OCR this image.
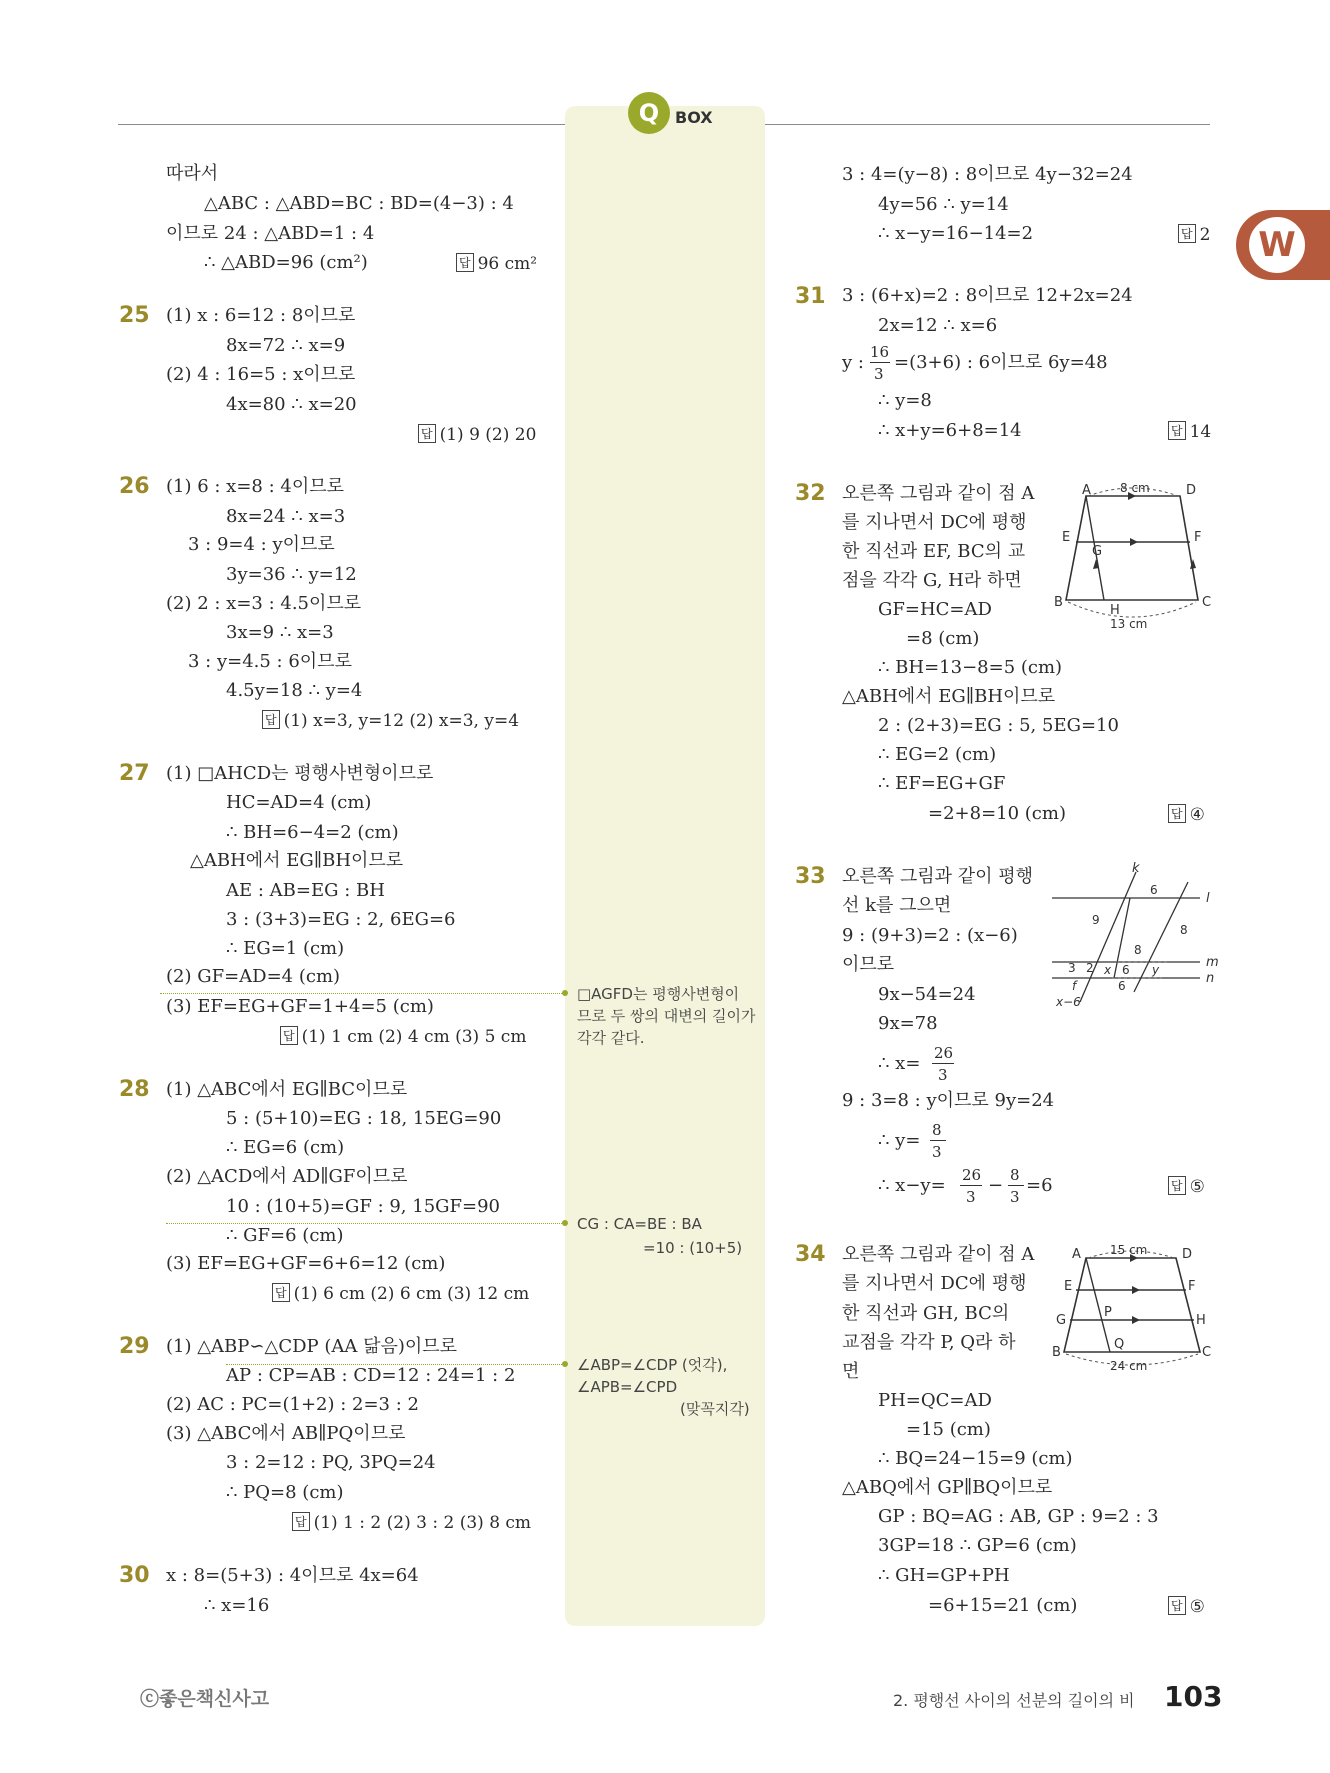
Q BOX
W
따라서
△ABC : △ABD=BC : BD=(4−3) : 4
이므로 24 : △ABD=1 : 4
∴ △ABD=96 (cm²)	답 96 cm²
25 (1) x : 6=12 : 8이므로
8x=72 ∴ x=9
(2) 4 : 16=5 : x이므로
4x=80 ∴ x=20
답 (1) 9 (2) 20
26 (1) 6 : x=8 : 4이므로
8x=24 ∴ x=3
3 : 9=4 : y이므로
3y=36 ∴ y=12
(2) 2 : x=3 : 4.5이므로
3x=9 ∴ x=3
3 : y=4.5 : 6이므로
4.5y=18 ∴ y=4
답 (1) x=3, y=12 (2) x=3, y=4
27 (1) □AHCD는 평행사변형이므로
HC=AD=4 (cm)
∴ BH=6−4=2 (cm)
△ABH에서 EG∥BH이므로
AE : AB=EG : BH
3 : (3+3)=EG : 2, 6EG=6
∴ EG=1 (cm)
(2) GF=AD=4 (cm)
(3) EF=EG+GF=1+4=5 (cm)
답 (1) 1 cm (2) 4 cm (3) 5 cm
28 (1) △ABC에서 EG∥BC이므로
5 : (5+10)=EG : 18, 15EG=90
∴ EG=6 (cm)
(2) △ACD에서 AD∥GF이므로
10 : (10+5)=GF : 9, 15GF=90
∴ GF=6 (cm)
(3) EF=EG+GF=6+6=12 (cm)
답 (1) 6 cm (2) 6 cm (3) 12 cm
29 (1) △ABP∽△CDP (AA 닮음)이므로
AP : CP=AB : CD=12 : 24=1 : 2
(2) AC : PC=(1+2) : 2=3 : 2
(3) △ABC에서 AB∥PQ이므로
3 : 2=12 : PQ, 3PQ=24
∴ PQ=8 (cm)
답 (1) 1 : 2 (2) 3 : 2 (3) 8 cm
30 x : 8=(5+3) : 4이므로 4x=64
∴ x=16
□AGFD는 평행사변형이
므로 두 쌍의 대변의 길이가
각각 같다.
CG : CA=BE : BA
=10 : (10+5)
∠ABP=∠CDP (엇각),
∠APB=∠CPD
(맞꼭지각)
3 : 4=(y−8) : 8이므로 4y−32=24
4y=56 ∴ y=14
∴ x−y=16−14=2	답 2
31 3 : (6+x)=2 : 8이므로 12+2x=24
2x=12 ∴ x=6
y : 16
3
=(3+6) : 6이므로 6y=48
∴ y=8
∴ x+y=6+8=14	답 14
32 오른쪽 그림과 같이 점 A
를 지나면서 DC에 평행
한 직선과 EF, BC의 교
점을 각각 G, H라 하면
GF=HC=AD
=8 (cm)
∴ BH=13−8=5 (cm)
△ABH에서 EG∥BH이므로
2 : (2+3)=EG : 5, 5EG=10
∴ EG=2 (cm)
∴ EF=EG+GF
=2+8=10 (cm)	답 ④
A	D
E	F
G
B
H
C
8 cm
13 cm
33 오른쪽 그림과 같이 평행
선 k를 그으면
9 : (9+3)=2 : (x−6)
이므로
9x−54=24
9x=78
∴ x= 26
3
9 : 3=8 : y이므로 9y=24
∴ y= 8
3
∴ x−y= 26
3
− 8
3
=6	답 ⑤
k
l
m
n
6
9
8
8
3 2 x 6 y
f	6
x−6
34 오른쪽 그림과 같이 점 A
를 지나면서 DC에 평행
한 직선과 GH, BC의
교점을 각각 P, Q라 하
면
PH=QC=AD
=15 (cm)
∴ BQ=24−15=9 (cm)
△ABQ에서 GP∥BQ이므로
GP : BQ=AG : AB, GP : 9=2 : 3
3GP=18 ∴ GP=6 (cm)
∴ GH=GP+PH
=6+15=21 (cm)	답 ⑤
A	D
E	F
G	H
P
Q
B	C
15 cm
24 cm
ⓒ좋은책신사고	2. 평행선 사이의 선분의 길이의 비 103
